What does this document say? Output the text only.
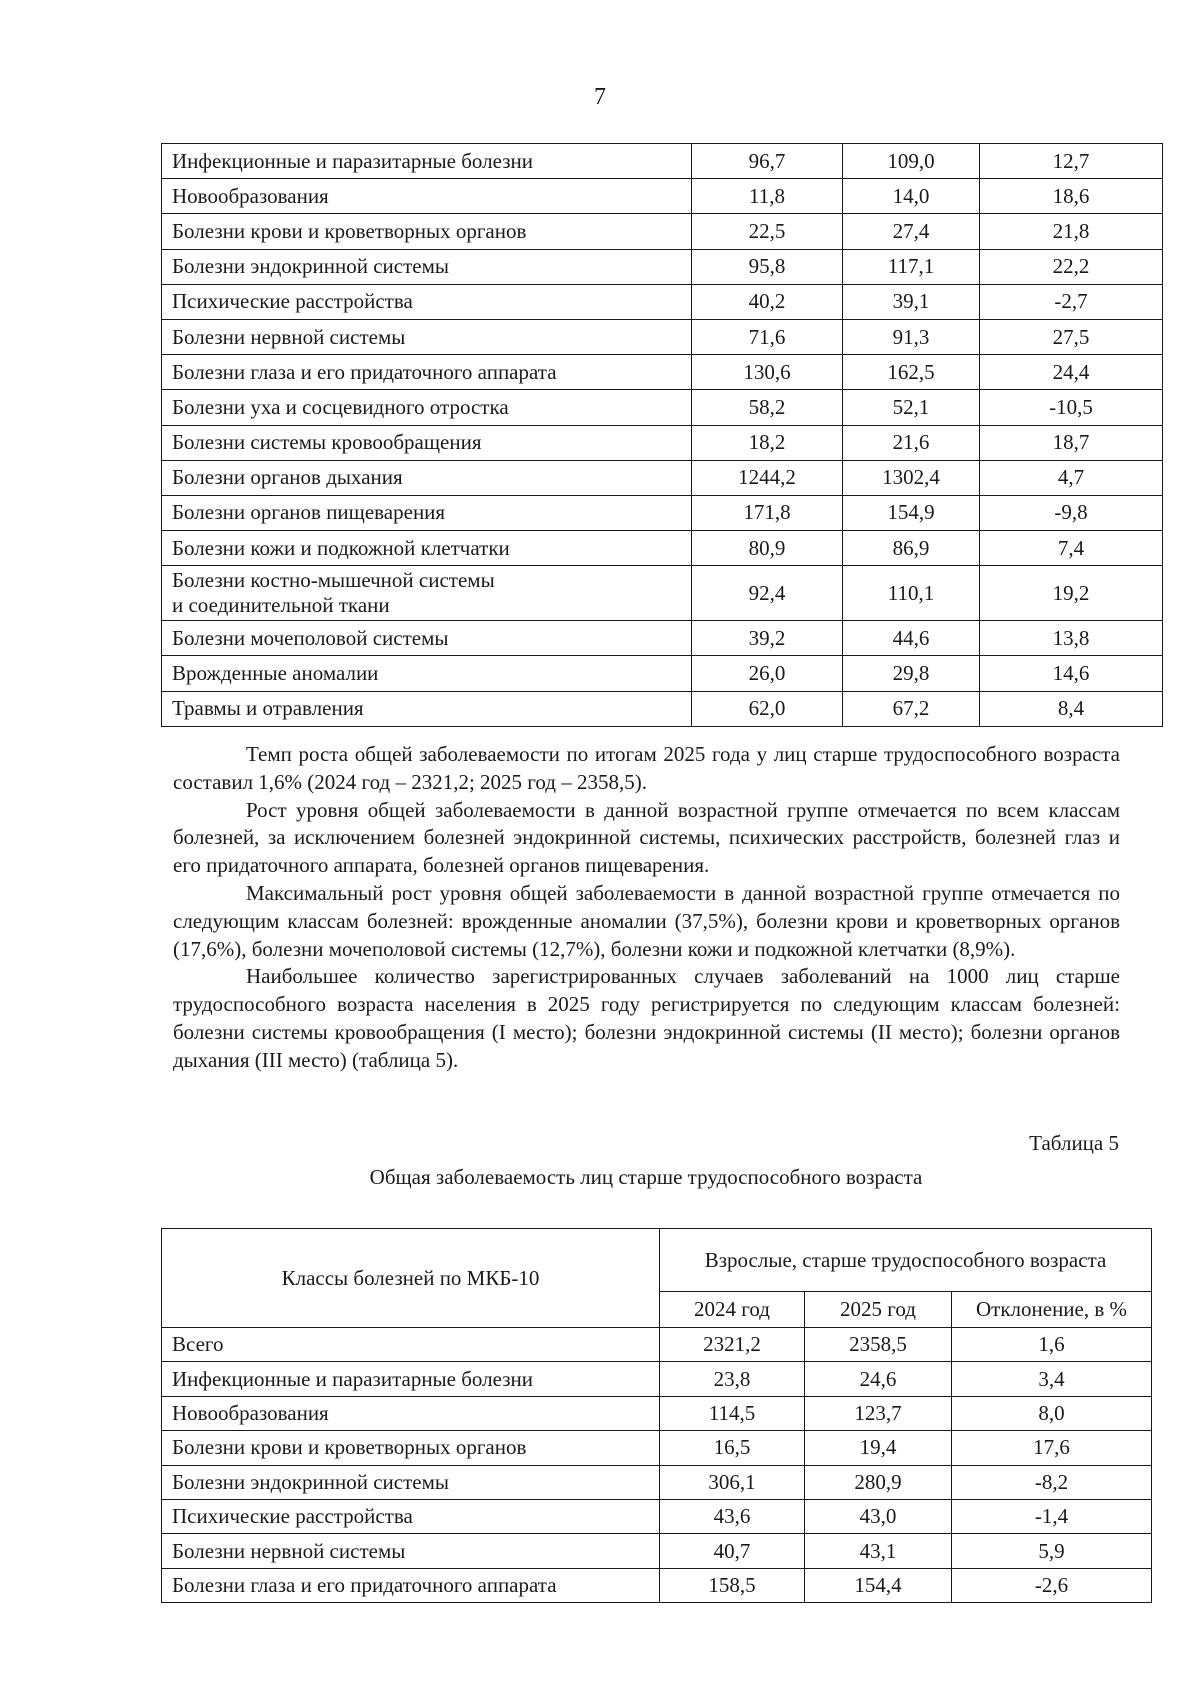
7
Инфекционные и паразитарные болезни	96,7	109,0	12,7
Новообразования	11,8	14,0	18,6
Болезни крови и кроветворных органов	22,5	27,4	21,8
Болезни эндокринной системы	95,8	117,1	22,2
Психические расстройства	40,2	39,1	-2,7
Болезни нервной системы	71,6	91,3	27,5
Болезни глаза и его придаточного аппарата	130,6	162,5	24,4
Болезни уха и сосцевидного отростка	58,2	52,1	-10,5
Болезни системы кровообращения	18,2	21,6	18,7
Болезни органов дыхания	1244,2	1302,4	4,7
Болезни органов пищеварения	171,8	154,9	-9,8
Болезни кожи и подкожной клетчатки	80,9	86,9	7,4

Болезни костно-мышечной системы
и соединительной ткани	92,4	110,1	19,2
Болезни мочеполовой системы	39,2	44,6	13,8
Врожденные аномалии	26,0	29,8	14,6
Травмы и отравления	62,0	67,2	8,4

Темп роста общей заболеваемости по итогам 2025 года у лиц старше трудоспособного возраста составил 1,6% (2024 год – 2321,2; 2025 год – 2358,5).

Рост уровня общей заболеваемости в данной возрастной группе отмечается по всем классам болезней, за исключением болезней эндокринной системы, психических расстройств, болезней глаз и его придаточного аппарата, болезней органов пищеварения.

Максимальный рост уровня общей заболеваемости в данной возрастной группе отмечается по следующим классам болезней: врожденные аномалии (37,5%), болезни крови и кроветворных органов (17,6%), болезни мочеполовой системы (12,7%), болезни кожи и подкожной клетчатки (8,9%).

Наибольшее количество зарегистрированных случаев заболеваний на 1000 лиц старше трудоспособного возраста населения в 2025 году регистрируется по следующим классам болезней: болезни системы кровообращения (I место); болезни эндокринной системы (II место); болезни органов дыхания (III место) (таблица 5).

Таблица 5
Общая заболеваемость лиц старше трудоспособного возраста
Классы болезней по МКБ-10	Взрослые, старше трудоспособного возраста		
	2024 год	2025 год	Отклонение, в %
Всего	2321,2	2358,5	1,6
Инфекционные и паразитарные болезни	23,8	24,6	3,4
Новообразования	114,5	123,7	8,0
Болезни крови и кроветворных органов	16,5	19,4	17,6
Болезни эндокринной системы	306,1	280,9	-8,2
Психические расстройства	43,6	43,0	-1,4
Болезни нервной системы	40,7	43,1	5,9
Болезни глаза и его придаточного аппарата	158,5	154,4	-2,6
